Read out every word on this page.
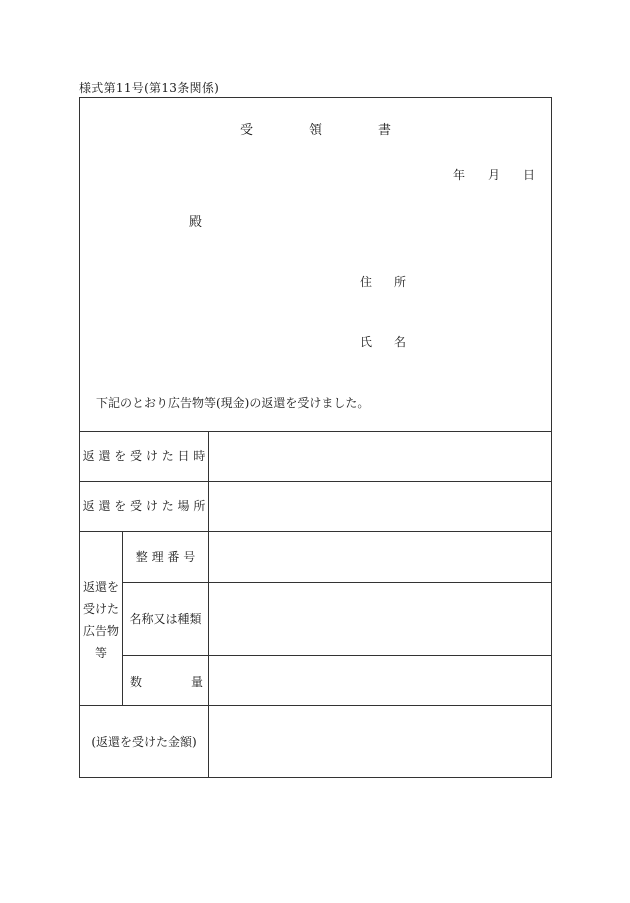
様式第11号(第13条関係)
受	領	書
年 月 日
殿
住 所
氏 名
下記のとおり広告物等(現金)の返還を受けました。
返 還 を 受 け た 日 時
返 還 を 受 け た 場 所
返還を
受けた
広告物
等
整 理 番 号
名称又は種類
数	量
(返還を受けた金額)
